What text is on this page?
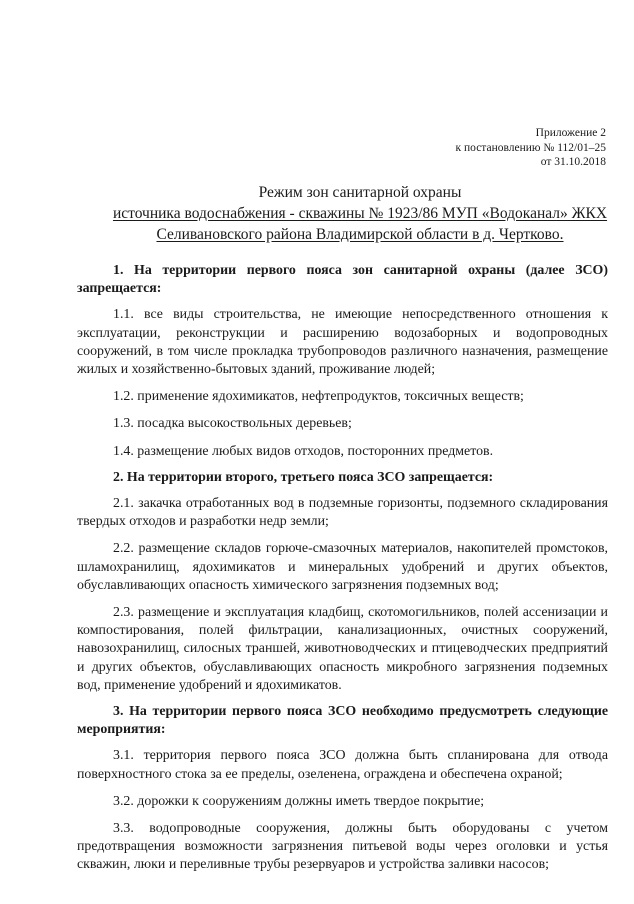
Приложение 2
к постановлению № 112/01–25
от 31.10.2018
Режим зон санитарной охраны
источника водоснабжения - скважины № 1923/86 МУП «Водоканал» ЖКХ
Селивановского района Владимирской области в д. Чертково.

1. На территории первого пояса зон санитарной охраны (далее ЗСО) запрещается:

1.1. все виды строительства, не имеющие непосредственного отношения к эксплуатации, реконструкции и расширению водозаборных и водопроводных сооружений, в том числе прокладка трубопроводов различного назначения, размещение жилых и хозяйственно-бытовых зданий, проживание людей;

1.2. применение ядохимикатов, нефтепродуктов, токсичных веществ;

1.3. посадка высокоствольных деревьев;

1.4. размещение любых видов отходов, посторонних предметов.

2. На территории второго, третьего пояса ЗСО запрещается:

2.1. закачка отработанных вод в подземные горизонты, подземного складирования твердых отходов и разработки недр земли;

2.2. размещение складов горюче-смазочных материалов, накопителей промстоков, шламохранилищ, ядохимикатов и минеральных удобрений и других объектов, обуславливающих опасность химического загрязнения подземных вод;

2.3. размещение и эксплуатация кладбищ, скотомогильников, полей ассенизации и компостирования, полей фильтрации, канализационных, очистных сооружений, навозохранилищ, силосных траншей, животноводческих и птицеводческих предприятий и других объектов, обуславливающих опасность микробного загрязнения подземных вод, применение удобрений и ядохимикатов.

3. На территории первого пояса ЗСО необходимо предусмотреть следующие мероприятия:

3.1. территория первого пояса ЗСО должна быть спланирована для отвода поверхностного стока за ее пределы, озеленена, ограждена и обеспечена охраной;

3.2. дорожки к сооружениям должны иметь твердое покрытие;

3.3. водопроводные сооружения, должны быть оборудованы с учетом предотвращения возможности загрязнения питьевой воды через оголовки и устья скважин, люки и переливные трубы резервуаров и устройства заливки насосов;
